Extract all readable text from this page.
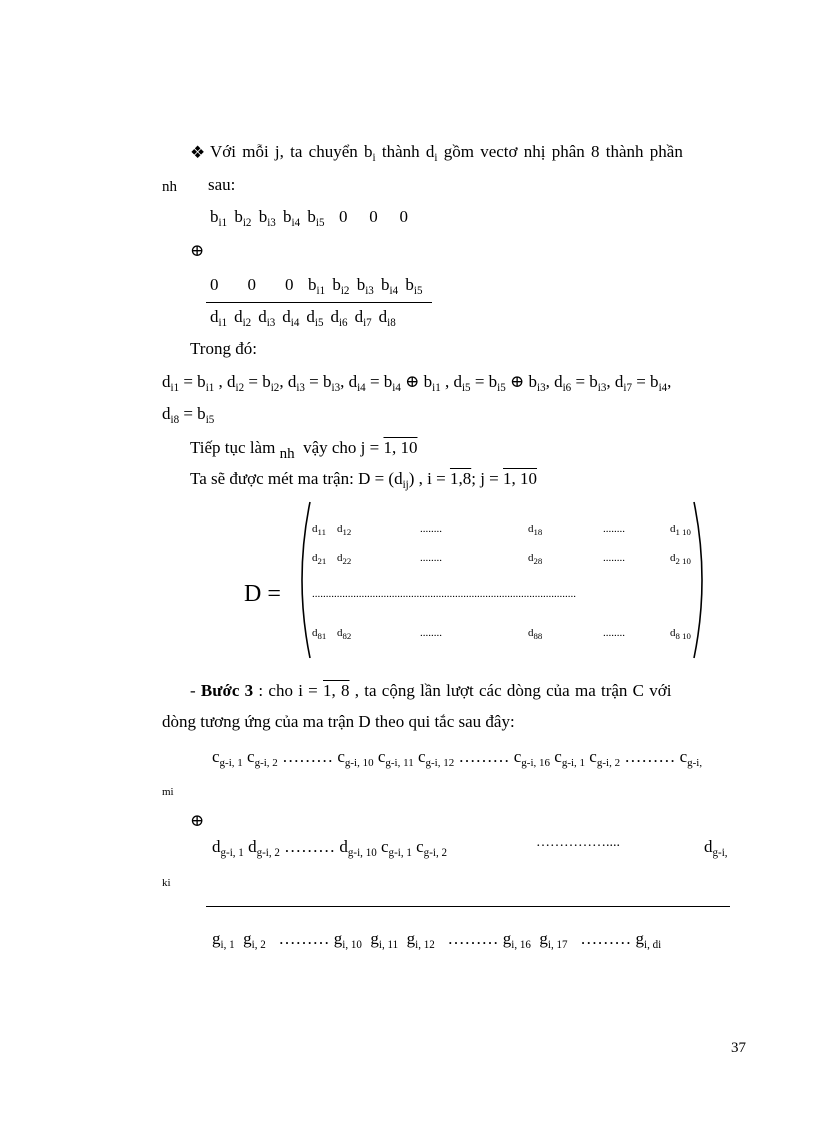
❖ Với mỗi j, ta chuyển $b_i$ thành $d_i$ gồm vectơ nhị phân 8 thành phần
nh sau:
$b_{i1}$ $b_{i2}$ $b_{i3}$ $b_{i4}$ $b_{i5}$ 0   0   0
⊕
0    0    0 $b_{i1}$ $b_{i2}$ $b_{i3}$ $b_{i4}$ $b_{i5}$
$d_{i1}$ $d_{i2}$ $d_{i3}$ $d_{i4}$ $d_{i5}$ $d_{i6}$ $d_{i7}$ $d_{i8}$
Trong đó:
$d_{i1} = b_{i1}$ , $d_{i2} = b_{i2}$, $d_{i3} = b_{i3}$, $d_{i4} = b_{i4}$ ⊕ $b_{i1}$ , $d_{i5} = b_{i5}$ ⊕ $b_{i3}$, $d_{i6} = b_{i3}$, $d_{i7} = b_{i4}$,
$d_{i8} = b_{i5}$
Tiếp tục làm nh vậy cho j = 1, 10
Ta sẽ được mét ma trận: $D = (d_{ij})$ , i = 1,8; j = 1, 10
D =
$d_{11}$ $d_{12}$	........	$d_{18}$	........	$d_{1 10}$
$d_{21}$ $d_{22}$	........	$d_{28}$	........	$d_{2 10}$
................................................................................................
$d_{81}$ $d_{82}$	........	$d_{88}$	........	$d_{8 10}$
- Bước 3 : cho i = 1, 8 , ta cộng lần lượt các dòng của ma trận C với
dòng tương ứng của ma trận D theo qui tắc sau đây:
$c_{g-i, 1}$ $c_{g-i, 2}$ ……… $c_{g-i, 10}$ $c_{g-i, 11}$ $c_{g-i, 12}$ ……… $c_{g-i, 16}$ $c_{g-i, 1}$ $c_{g-i, 2}$ ……… $c_{g-i,}$
mi
⊕
$d_{g-i, 1}$ $d_{g-i, 2}$ ……… $d_{g-i, 10}$ $c_{g-i, 1}$ $c_{g-i, 2}$
……………....	$d_{g-i,}$
ki
$g_{i, 1}$ $g_{i, 2}$   ……… $g_{i, 10}$ $g_{i, 11}$ $g_{i, 12}$   ……… $g_{i, 16}$ $g_{i, 17}$   ……… $g_{i, di}$
37
